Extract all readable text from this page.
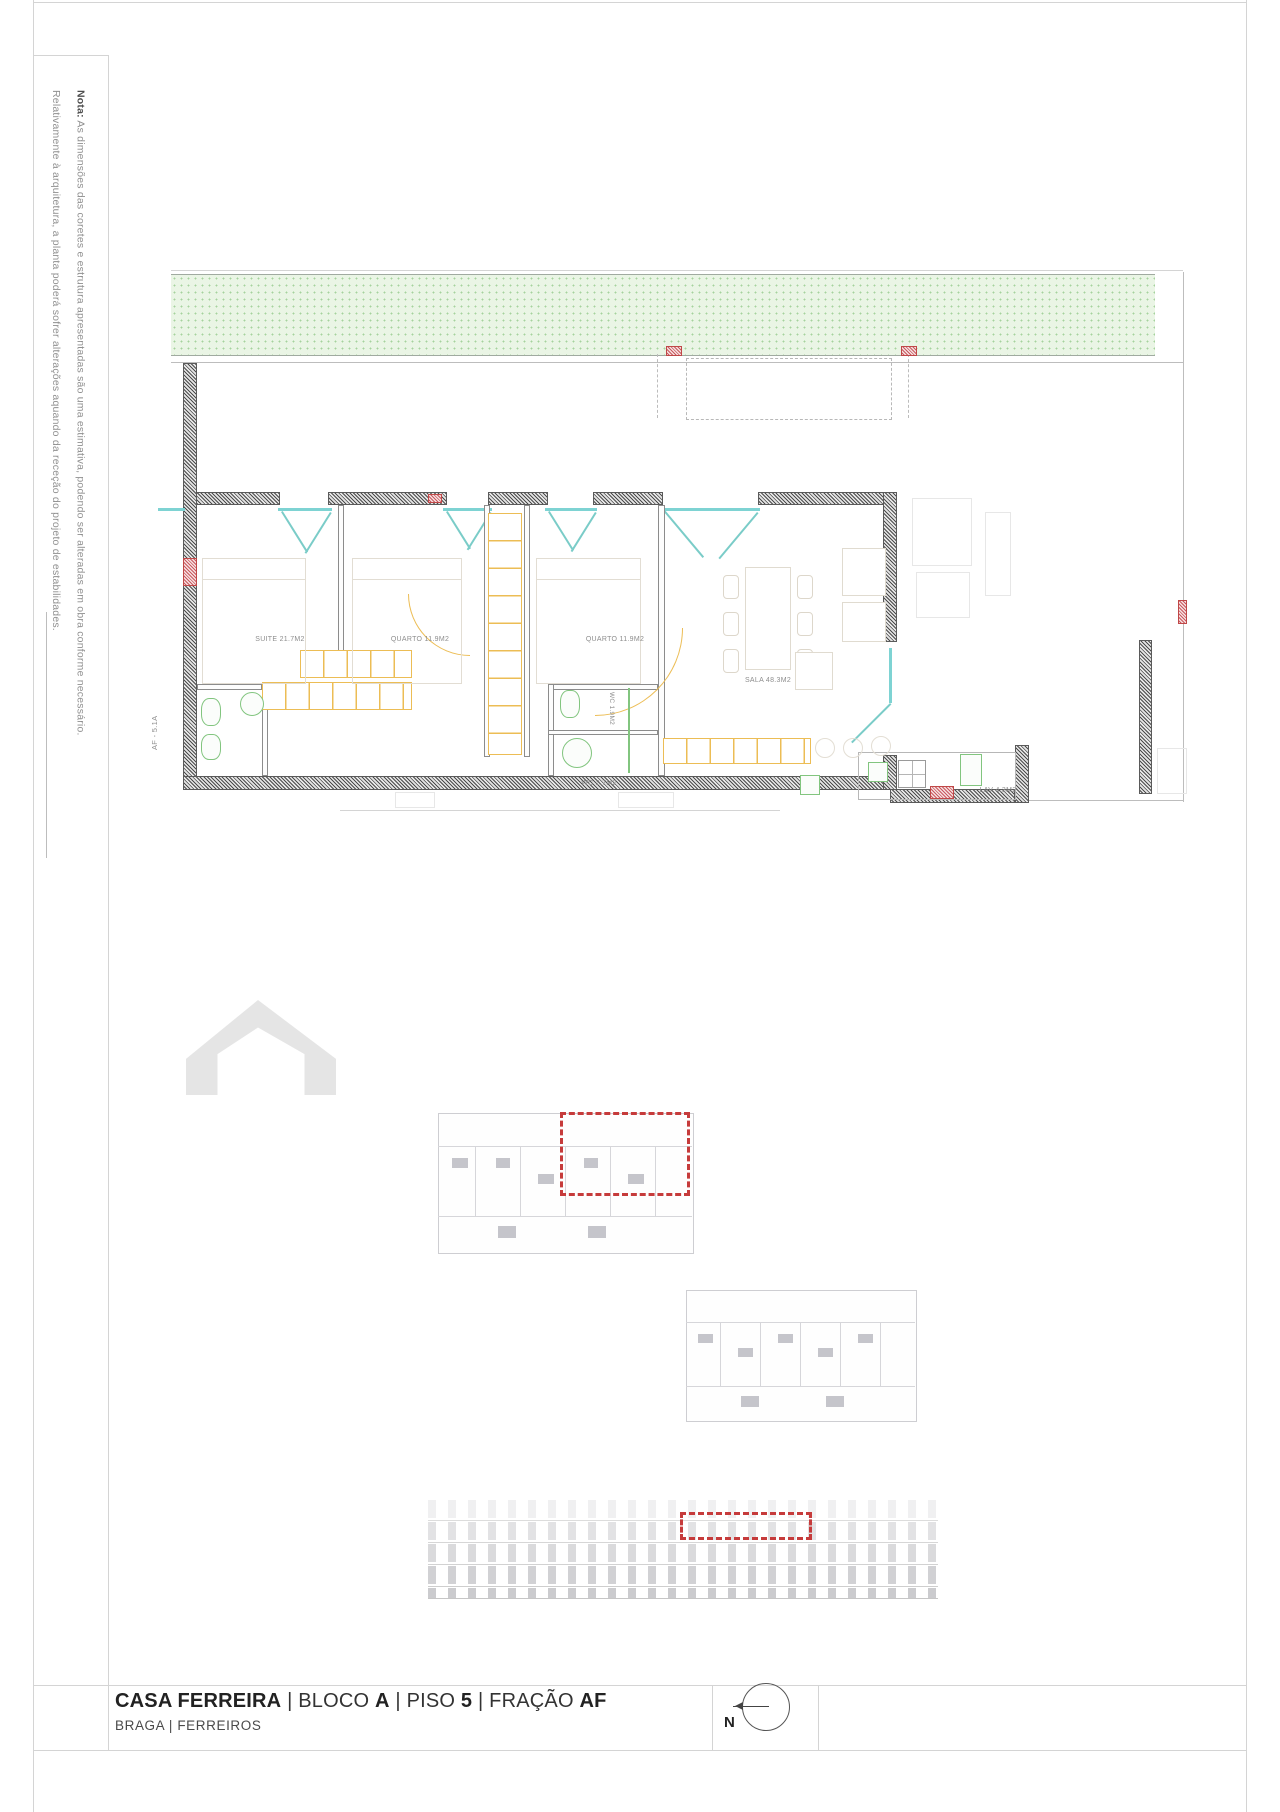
Nota: As dimensões das coretes e estrutura apresentadas são uma estimativa, podendo ser alteradas em obra conforme necessário.

Relativamente à arquitetura, a planta poderá sofrer alterações aquando da receção do projeto de estabilidades.

SUITE 21.7M2	QUARTO 11.9M2	QUARTO 11.9M2
SALA 48.3M2
WC 1.9M2
WC 2.7M2
LAV 4.3M2
AF - 5.1A
CASA FERREIRA | BLOCO A | PISO 5 | FRAÇÃO AF
BRAGA | FERREIROS	N
